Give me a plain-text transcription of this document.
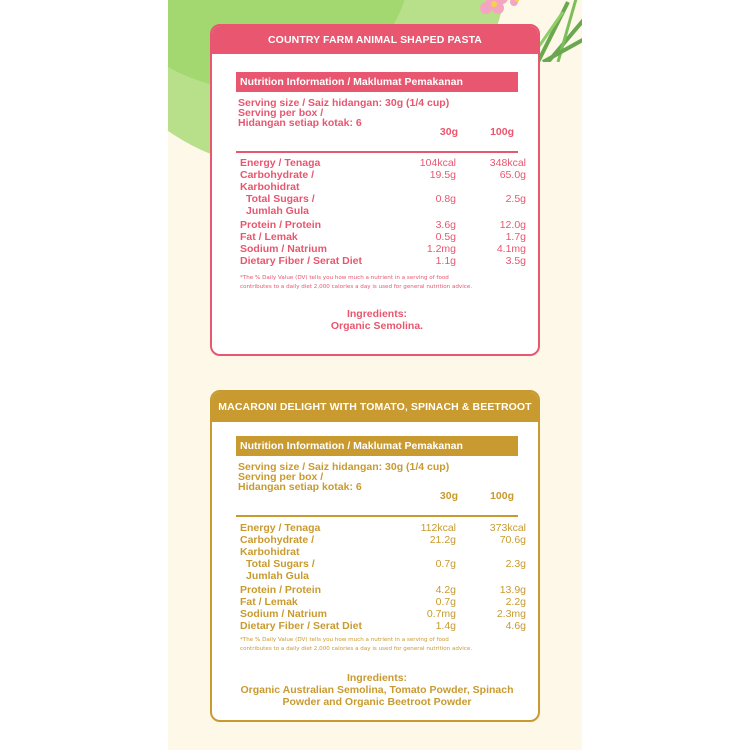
COUNTRY FARM ANIMAL SHAPED PASTA
Nutrition Information / Maklumat Pemakanan
Serving size / Saiz hidangan: 30g (1/4 cup)
Serving per box /
Hidangan setiap kotak: 6
30g	100g
Energy / Tenaga	104kcal	348kcal
Carbohydrate /	19.5g	65.0g
Karbohidrat
Total Sugars /	0.8g	2.5g
Jumlah Gula
Protein / Protein	3.6g	12.0g
Fat / Lemak	0.5g	1.7g
Sodium / Natrium	1.2mg	4.1mg
Dietary Fiber / Serat Diet	1.1g	3.5g
*The % Daily Value (DV) tells you how much a nutrient in a serving of food
contributes to a daily diet 2,000 calories a day is used for general nutrition advice.
Ingredients:
Organic Semolina.
MACARONI DELIGHT WITH TOMATO, SPINACH & BEETROOT
Nutrition Information / Maklumat Pemakanan
Serving size / Saiz hidangan: 30g (1/4 cup)
Serving per box /
Hidangan setiap kotak: 6
30g	100g
Energy / Tenaga	112kcal	373kcal
Carbohydrate /	21.2g	70.6g
Karbohidrat
Total Sugars /	0.7g	2.3g
Jumlah Gula
Protein / Protein	4.2g	13.9g
Fat / Lemak	0.7g	2.2g
Sodium / Natrium	0.7mg	2.3mg
Dietary Fiber / Serat Diet	1.4g	4.6g
*The % Daily Value (DV) tells you how much a nutrient in a serving of food
contributes to a daily diet 2,000 calories a day is used for general nutrition advice.
Ingredients:
Organic Australian Semolina, Tomato Powder, Spinach
Powder and Organic Beetroot Powder
